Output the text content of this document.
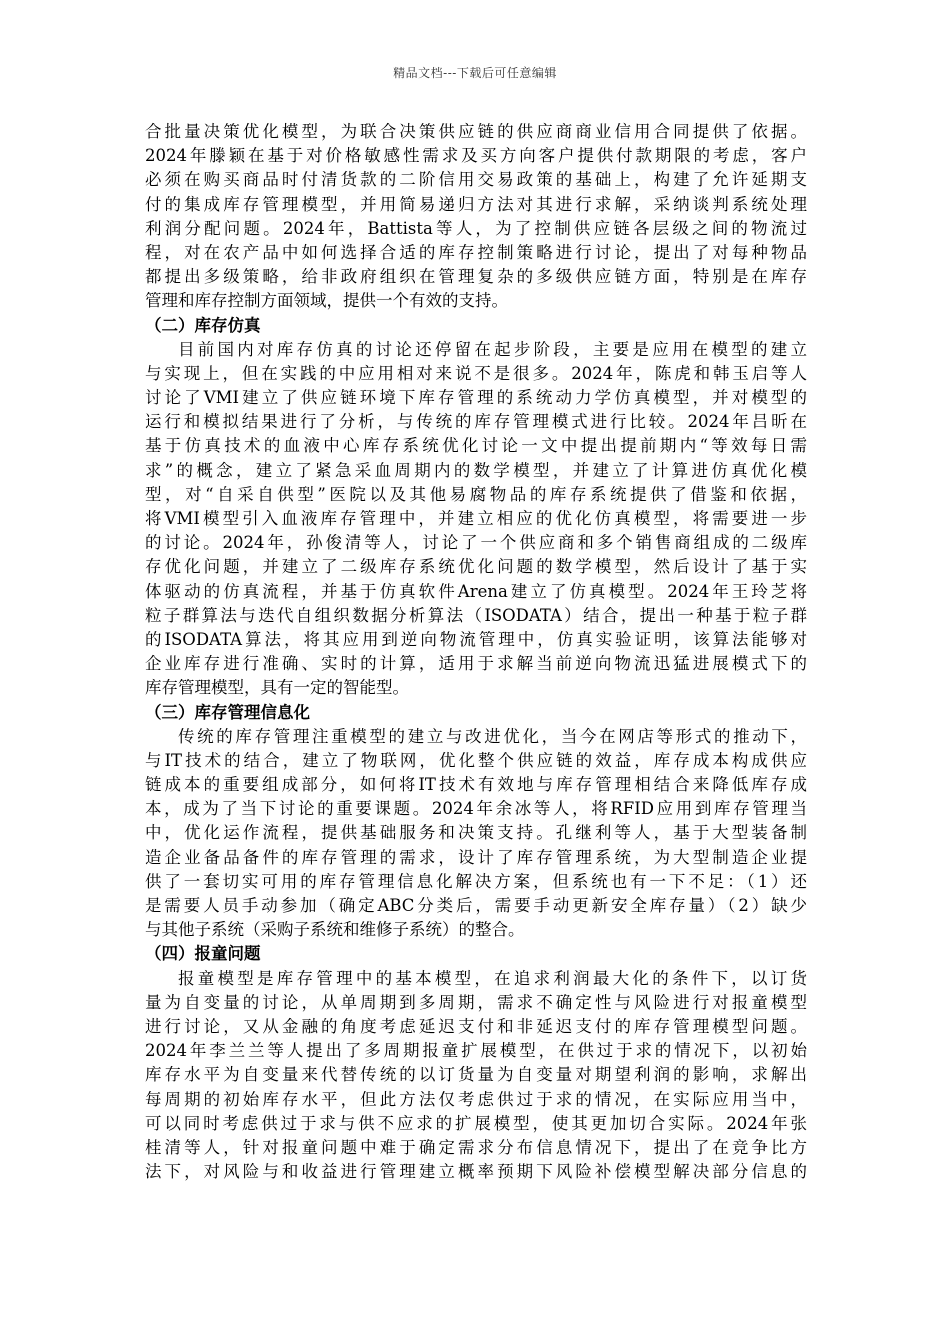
精品文档---下载后可任意编辑
合批量决策优化模型，为联合决策供应链的供应商商业信用合同提供了依据。
2024年滕颖在基于对价格敏感性需求及买方向客户提供付款期限的考虑，客户
必须在购买商品时付清货款的二阶信用交易政策的基础上，构建了允许延期支
付的集成库存管理模型，并用简易递归方法对其进行求解，采纳谈判系统处理
利润分配问题。2024年，Battista等人，为了控制供应链各层级之间的物流过
程，对在农产品中如何选择合适的库存控制策略进行讨论，提出了对每种物品
都提出多级策略，给非政府组织在管理复杂的多级供应链方面，特别是在库存
管理和库存控制方面领域，提供一个有效的支持。
（二）库存仿真
目前国内对库存仿真的讨论还停留在起步阶段，主要是应用在模型的建立
与实现上，但在实践的中应用相对来说不是很多。2024年，陈虎和韩玉启等人
讨论了VMI建立了供应链环境下库存管理的系统动力学仿真模型，并对模型的
运行和模拟结果进行了分析，与传统的库存管理模式进行比较。2024年吕昕在
基于仿真技术的血液中心库存系统优化讨论一文中提出提前期内“等效每日需
求”的概念，建立了紧急采血周期内的数学模型，并建立了计算进仿真优化模
型，对“自采自供型”医院以及其他易腐物品的库存系统提供了借鉴和依据，
将VMI模型引入血液库存管理中，并建立相应的优化仿真模型，将需要进一步
的讨论。2024年，孙俊清等人，讨论了一个供应商和多个销售商组成的二级库
存优化问题，并建立了二级库存系统优化问题的数学模型，然后设计了基于实
体驱动的仿真流程，并基于仿真软件Arena建立了仿真模型。2024年王玲芝将
粒子群算法与迭代自组织数据分析算法（ISODATA）结合，提出一种基于粒子群
的ISODATA算法，将其应用到逆向物流管理中，仿真实验证明，该算法能够对
企业库存进行准确、实时的计算，适用于求解当前逆向物流迅猛进展模式下的
库存管理模型，具有一定的智能型。
（三）库存管理信息化
传统的库存管理注重模型的建立与改进优化，当今在网店等形式的推动下，
与IT技术的结合，建立了物联网，优化整个供应链的效益，库存成本构成供应
链成本的重要组成部分，如何将IT技术有效地与库存管理相结合来降低库存成
本，成为了当下讨论的重要课题。2024年余冰等人，将RFID应用到库存管理当
中，优化运作流程，提供基础服务和决策支持。孔继利等人，基于大型装备制
造企业备品备件的库存管理的需求，设计了库存管理系统，为大型制造企业提
供了一套切实可用的库存管理信息化解决方案，但系统也有一下不足：（1）还
是需要人员手动参加（确定ABC分类后，需要手动更新安全库存量）（2）缺少
与其他子系统（采购子系统和维修子系统）的整合。
（四）报童问题
报童模型是库存管理中的基本模型，在追求利润最大化的条件下，以订货
量为自变量的讨论，从单周期到多周期，需求不确定性与风险进行对报童模型
进行讨论，又从金融的角度考虑延迟支付和非延迟支付的库存管理模型问题。
2024年李兰兰等人提出了多周期报童扩展模型，在供过于求的情况下，以初始
库存水平为自变量来代替传统的以订货量为自变量对期望利润的影响，求解出
每周期的初始库存水平，但此方法仅考虑供过于求的情况，在实际应用当中，
可以同时考虑供过于求与供不应求的扩展模型，使其更加切合实际。2024年张
桂清等人，针对报童问题中难于确定需求分布信息情况下，提出了在竞争比方
法下，对风险与和收益进行管理建立概率预期下风险补偿模型解决部分信息的
